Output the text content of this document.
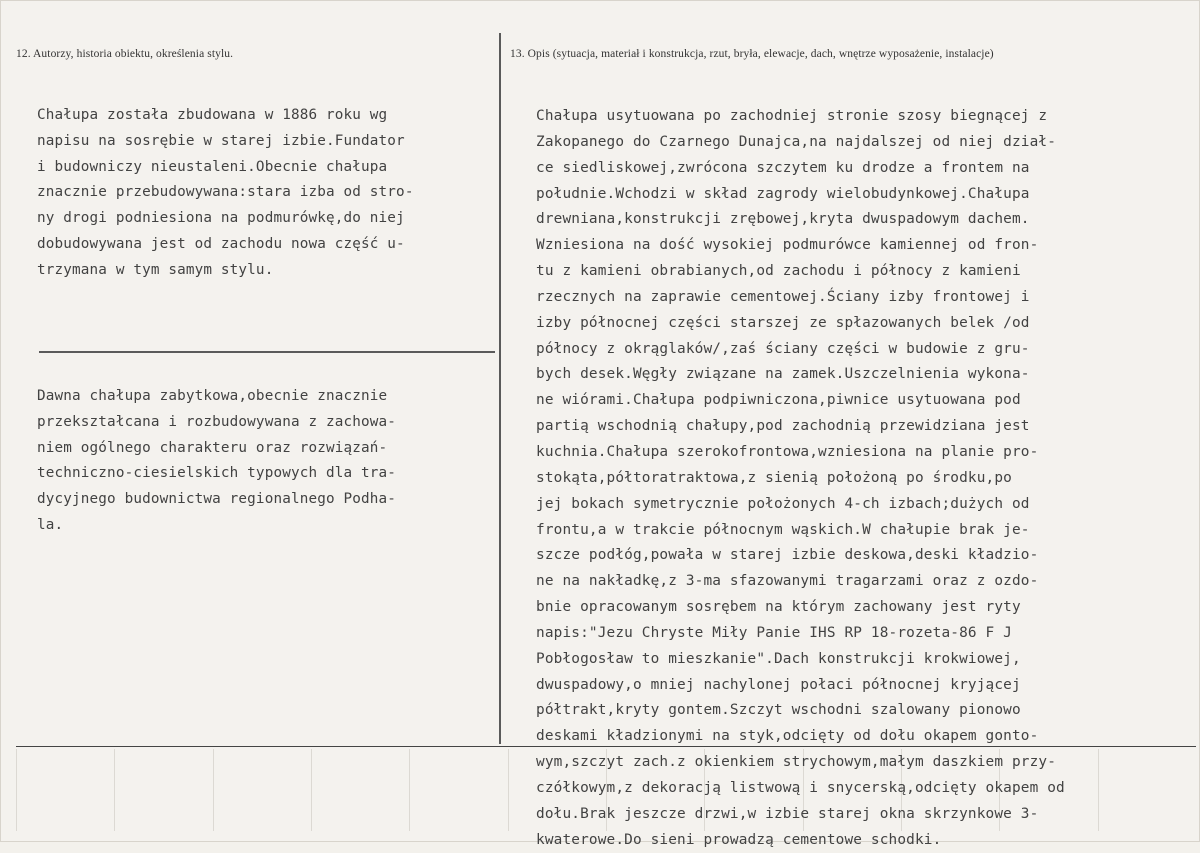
12. Autorzy, historia obiektu, określenia stylu.	13. Opis (sytuacja, materiał i konstrukcja, rzut, bryła, elewacje, dach, wnętrze wyposażenie, instalacje)
Chałupa została zbudowana w 1886 roku wg
napisu na sosrębie w starej izbie.Fundator
i budowniczy nieustaleni.Obecnie chałupa
znacznie przebudowywana:stara izba od stro-
ny drogi podniesiona na podmurówkę,do niej
dobudowywana jest od zachodu nowa część u-
trzymana w tym samym stylu.
Dawna chałupa zabytkowa,obecnie znacznie
przekształcana i rozbudowywana z zachowa-
niem ogólnego charakteru oraz rozwiązań-
techniczno-ciesielskich typowych dla tra-
dycyjnego budownictwa regionalnego Podha-
la.
Chałupa usytuowana po zachodniej stronie szosy biegnącej z
Zakopanego do Czarnego Dunajca,na najdalszej od niej dział-
ce siedliskowej,zwrócona szczytem ku drodze a frontem na
południe.Wchodzi w skład zagrody wielobudynkowej.Chałupa
drewniana,konstrukcji zrębowej,kryta dwuspadowym dachem.
Wzniesiona na dość wysokiej podmurówce kamiennej od fron-
tu z kamieni obrabianych,od zachodu i północy z kamieni
rzecznych na zaprawie cementowej.Ściany izby frontowej i
izby północnej części starszej ze spłazowanych belek /od
północy z okrąglaków/,zaś ściany części w budowie z gru-
bych desek.Węgły związane na zamek.Uszczelnienia wykona-
ne wiórami.Chałupa podpiwniczona,piwnice usytuowana pod
partią wschodnią chałupy,pod zachodnią przewidziana jest
kuchnia.Chałupa szerokofrontowa,wzniesiona na planie pro-
stokąta,półtoratraktowa,z sienią położoną po środku,po
jej bokach symetrycznie położonych 4-ch izbach;dużych od
frontu,a w trakcie północnym wąskich.W chałupie brak je-
szcze podłóg,powała w starej izbie deskowa,deski kładzio-
ne na nakładkę,z 3-ma sfazowanymi tragarzami oraz z ozdo-
bnie opracowanym sosrębem na którym zachowany jest ryty
napis:"Jezu Chryste Miły Panie IHS RP 18-rozeta-86 F J
Pobłogosław to mieszkanie".Dach konstrukcji krokwiowej,
dwuspadowy,o mniej nachylonej połaci północnej kryjącej
półtrakt,kryty gontem.Szczyt wschodni szalowany pionowo
deskami kładzionymi na styk,odcięty od dołu okapem gonto-
wym,szczyt zach.z okienkiem strychowym,małym daszkiem przy-
czółkowym,z dekoracją listwową i snycerską,odcięty okapem od
dołu.Brak jeszcze drzwi,w izbie starej okna skrzynkowe 3-
kwaterowe.Do sieni prowadzą cementowe schodki.
